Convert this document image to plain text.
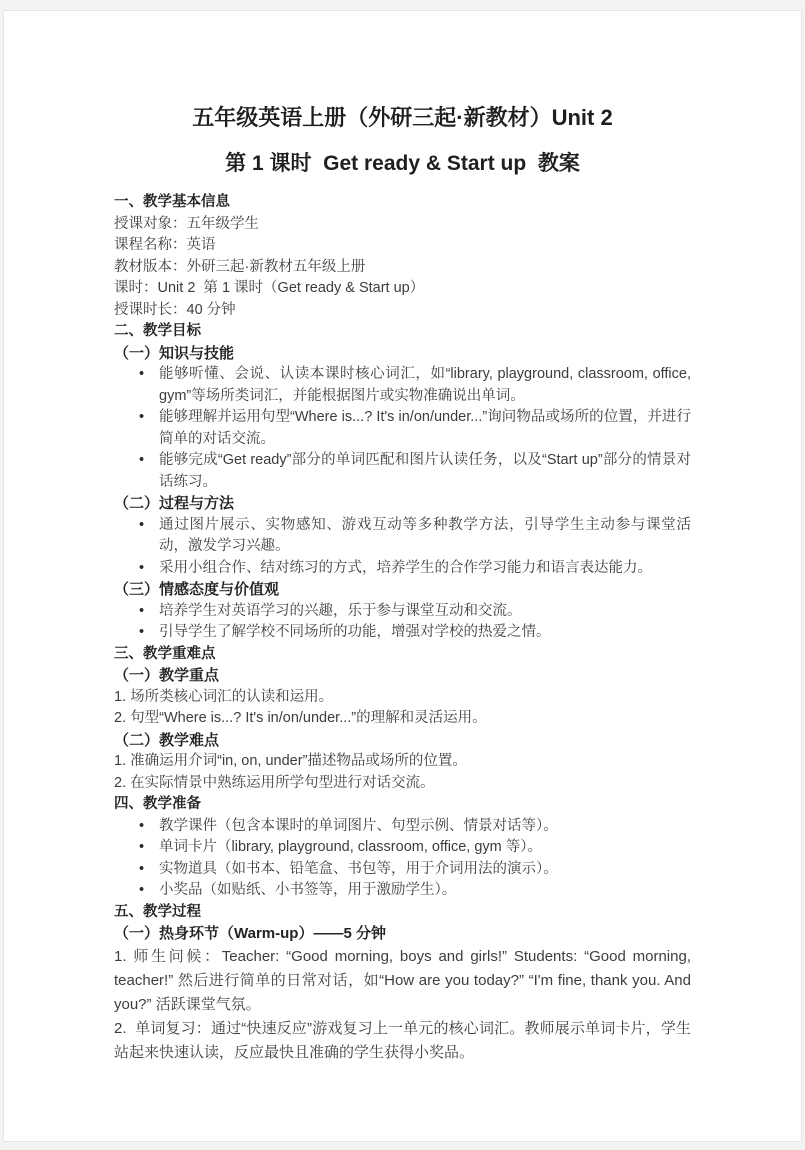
五年级英语上册（外研三起·新教材）Unit 2
第 1 课时  Get ready & Start up  教案
一、教学基本信息
授课对象：五年级学生
课程名称：英语
教材版本：外研三起·新教材五年级上册
课时：Unit 2  第 1 课时（Get ready & Start up）
授课时长：40 分钟
二、教学目标
（一）知识与技能
•	能够听懂、会说、认读本课时核心词汇，如“library, playground, classroom, office, gym”等场所类词汇，并能根据图片或实物准确说出单词。
•	能够理解并运用句型“Where is...? It's in/on/under...”询问物品或场所的位置，并进行简单的对话交流。
•	能够完成“Get ready”部分的单词匹配和图片认读任务，以及“Start up”部分的情景对话练习。
（二）过程与方法
•	通过图片展示、实物感知、游戏互动等多种教学方法，引导学生主动参与课堂活动，激发学习兴趣。
•	采用小组合作、结对练习的方式，培养学生的合作学习能力和语言表达能力。
（三）情感态度与价值观
•	培养学生对英语学习的兴趣，乐于参与课堂互动和交流。
•	引导学生了解学校不同场所的功能，增强对学校的热爱之情。
三、教学重难点
（一）教学重点
1. 场所类核心词汇的认读和运用。
2. 句型“Where is...? It's in/on/under...”的理解和灵活运用。
（二）教学难点
1. 准确运用介词“in, on, under”描述物品或场所的位置。
2. 在实际情景中熟练运用所学句型进行对话交流。
四、教学准备
•	教学课件（包含本课时的单词图片、句型示例、情景对话等）。
•	单词卡片（library, playground, classroom, office, gym 等）。
•	实物道具（如书本、铅笔盒、书包等，用于介词用法的演示）。
•	小奖品（如贴纸、小书签等，用于激励学生）。
五、教学过程
（一）热身环节（Warm-up）——5 分钟
1. 师生问候：Teacher: “Good morning, boys and girls!” Students: “Good morning, teacher!” 然后进行简单的日常对话，如“How are you today?” “I'm fine, thank you. And you?” 活跃课堂气氛。
2.  单词复习：通过“快速反应”游戏复习上一单元的核心词汇。教师展示单词卡片，学生站起来快速认读，反应最快且准确的学生获得小奖品。
